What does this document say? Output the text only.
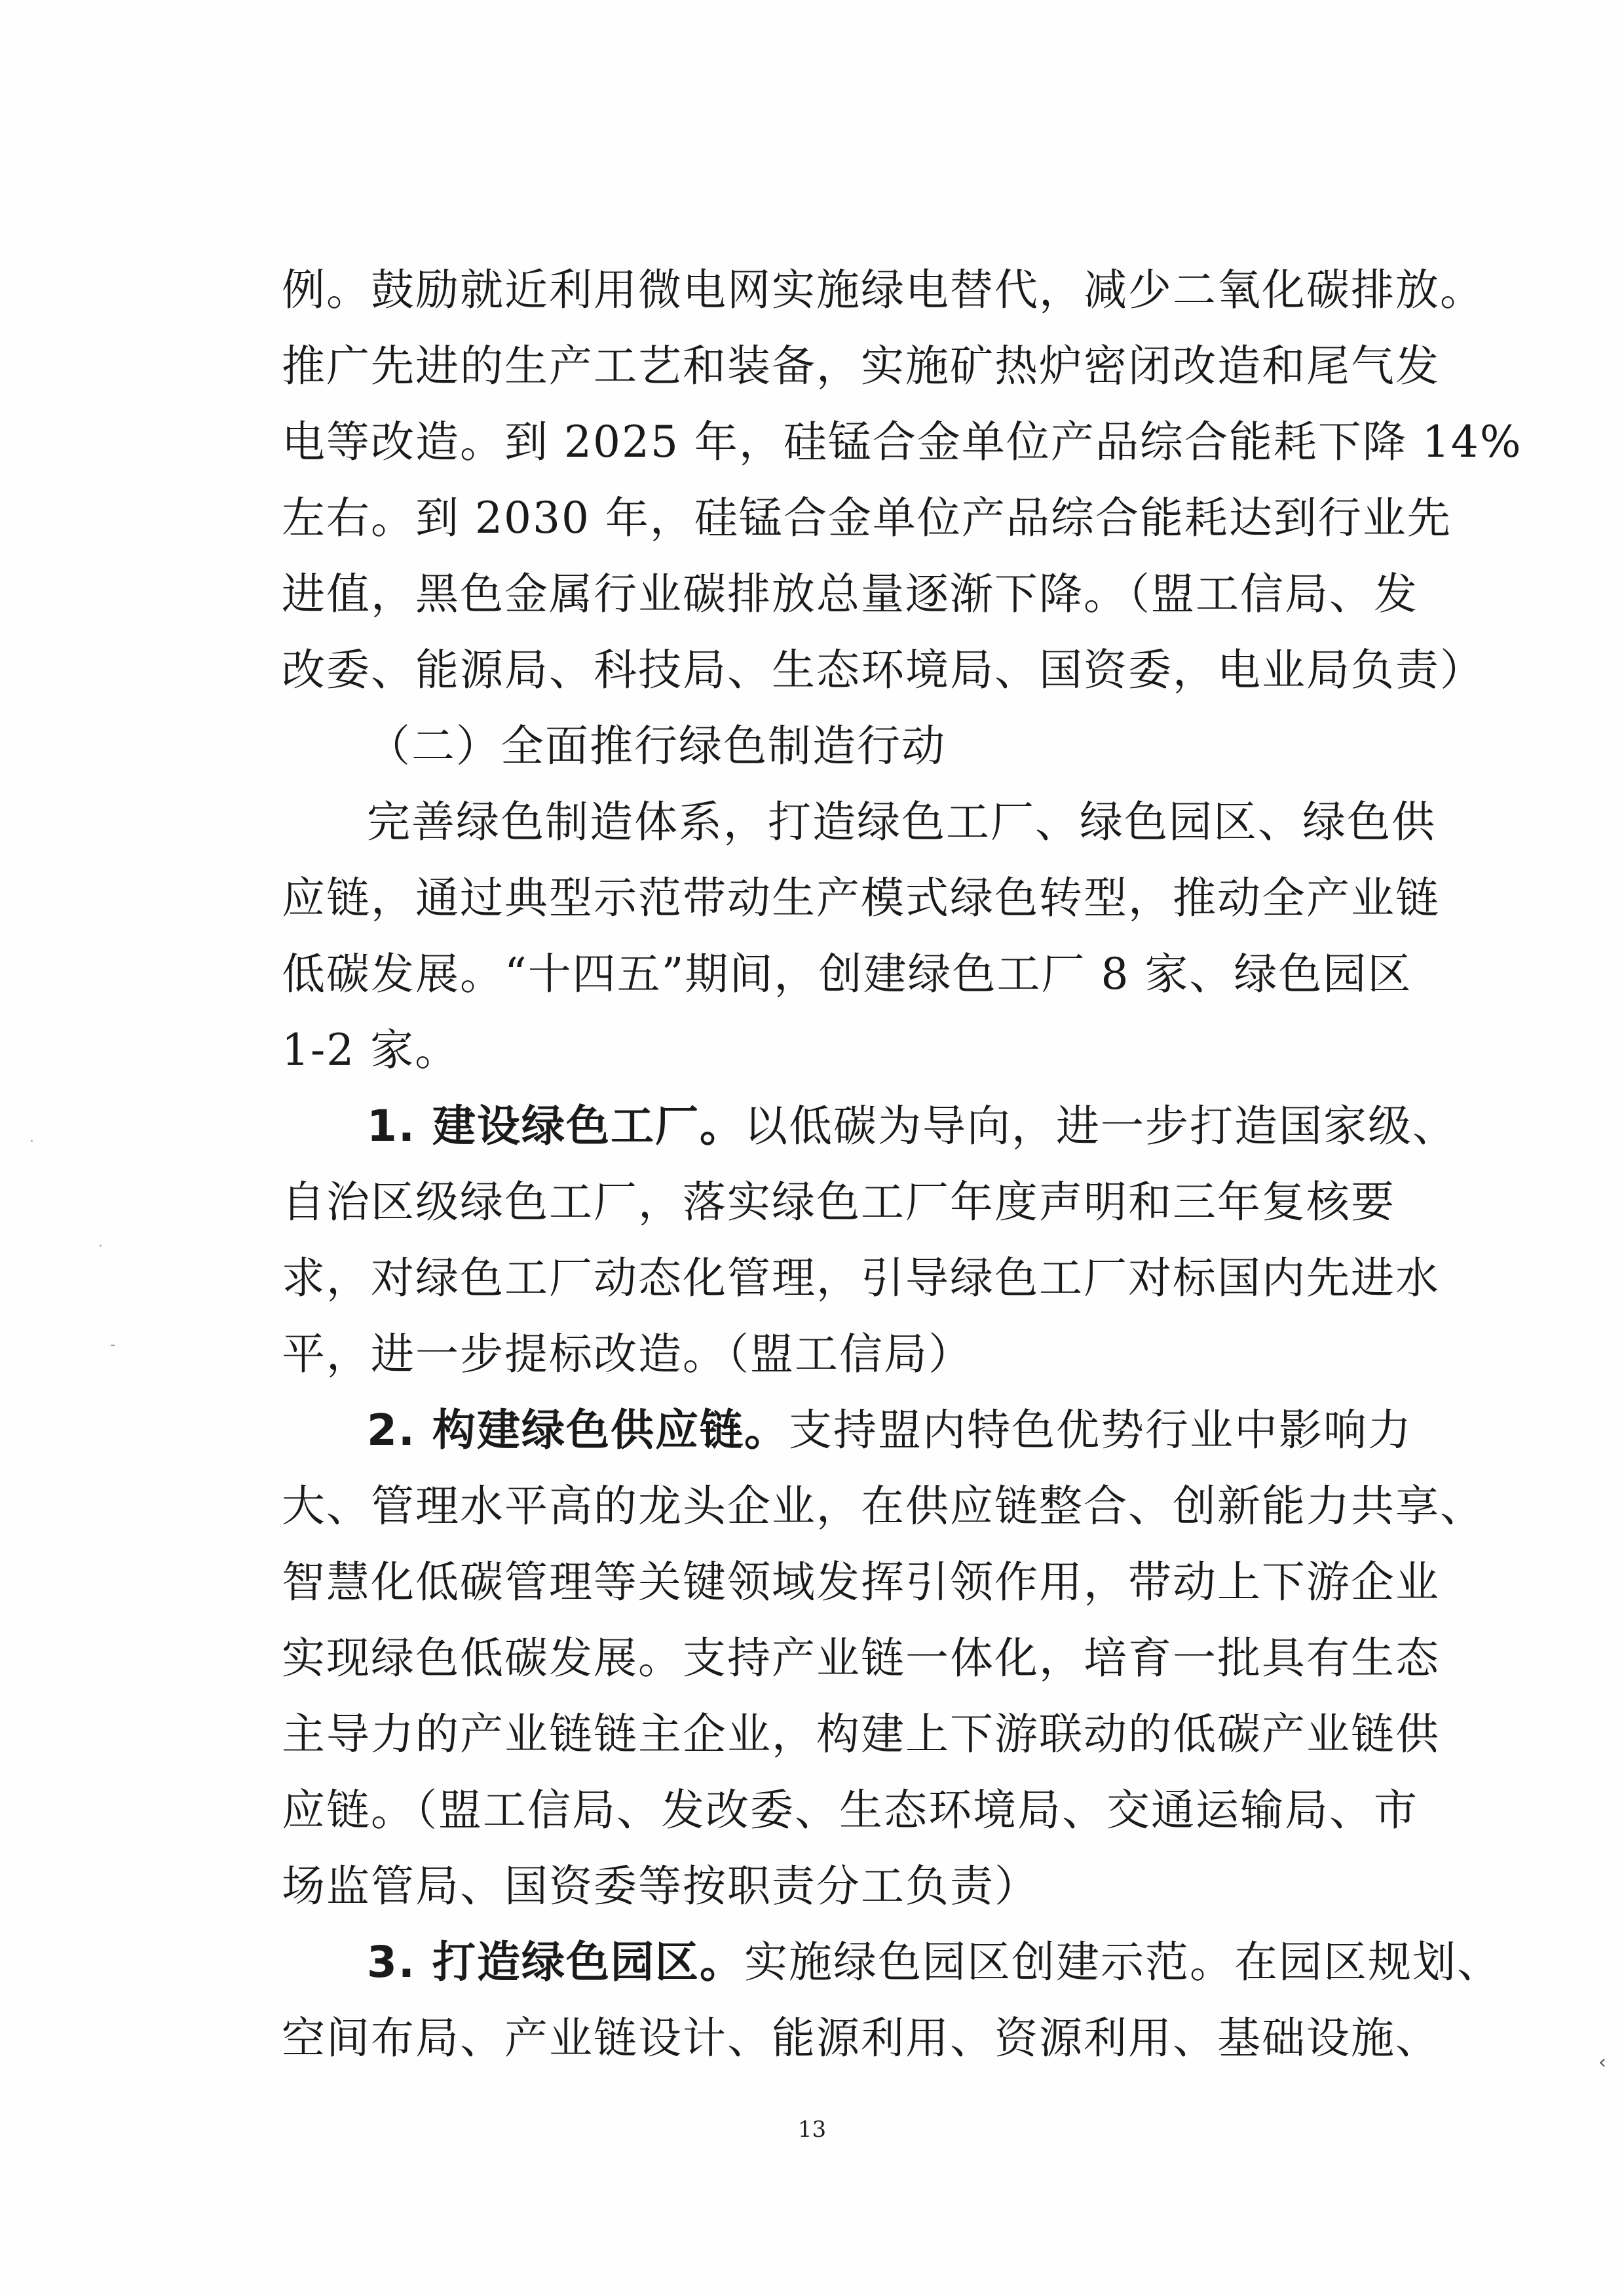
例。鼓励就近利用微电网实施绿电替代，减少二氧化碳排放。
推广先进的生产工艺和装备，实施矿热炉密闭改造和尾气发
电等改造。到 2025 年，硅锰合金单位产品综合能耗下降 14%
左右。到 2030 年，硅锰合金单位产品综合能耗达到行业先
进值，黑色金属行业碳排放总量逐渐下降。（盟工信局、发
改委、能源局、科技局、生态环境局、国资委，电业局负责）
（二）全面推行绿色制造行动
完善绿色制造体系，打造绿色工厂、绿色园区、绿色供
应链，通过典型示范带动生产模式绿色转型，推动全产业链
低碳发展。“十四五”期间，创建绿色工厂 8 家、绿色园区
1-2 家。
1. 建设绿色工厂。以低碳为导向，进一步打造国家级、
自治区级绿色工厂，落实绿色工厂年度声明和三年复核要
求，对绿色工厂动态化管理，引导绿色工厂对标国内先进水
平，进一步提标改造。（盟工信局）
2. 构建绿色供应链。支持盟内特色优势行业中影响力
大、管理水平高的龙头企业，在供应链整合、创新能力共享、
智慧化低碳管理等关键领域发挥引领作用，带动上下游企业
实现绿色低碳发展。支持产业链一体化，培育一批具有生态
主导力的产业链链主企业，构建上下游联动的低碳产业链供
应链。（盟工信局、发改委、生态环境局、交通运输局、市
场监管局、国资委等按职责分工负责）
3. 打造绿色园区。实施绿色园区创建示范。在园区规划、
空间布局、产业链设计、能源利用、资源利用、基础设施、
13
·
·
-
‹
